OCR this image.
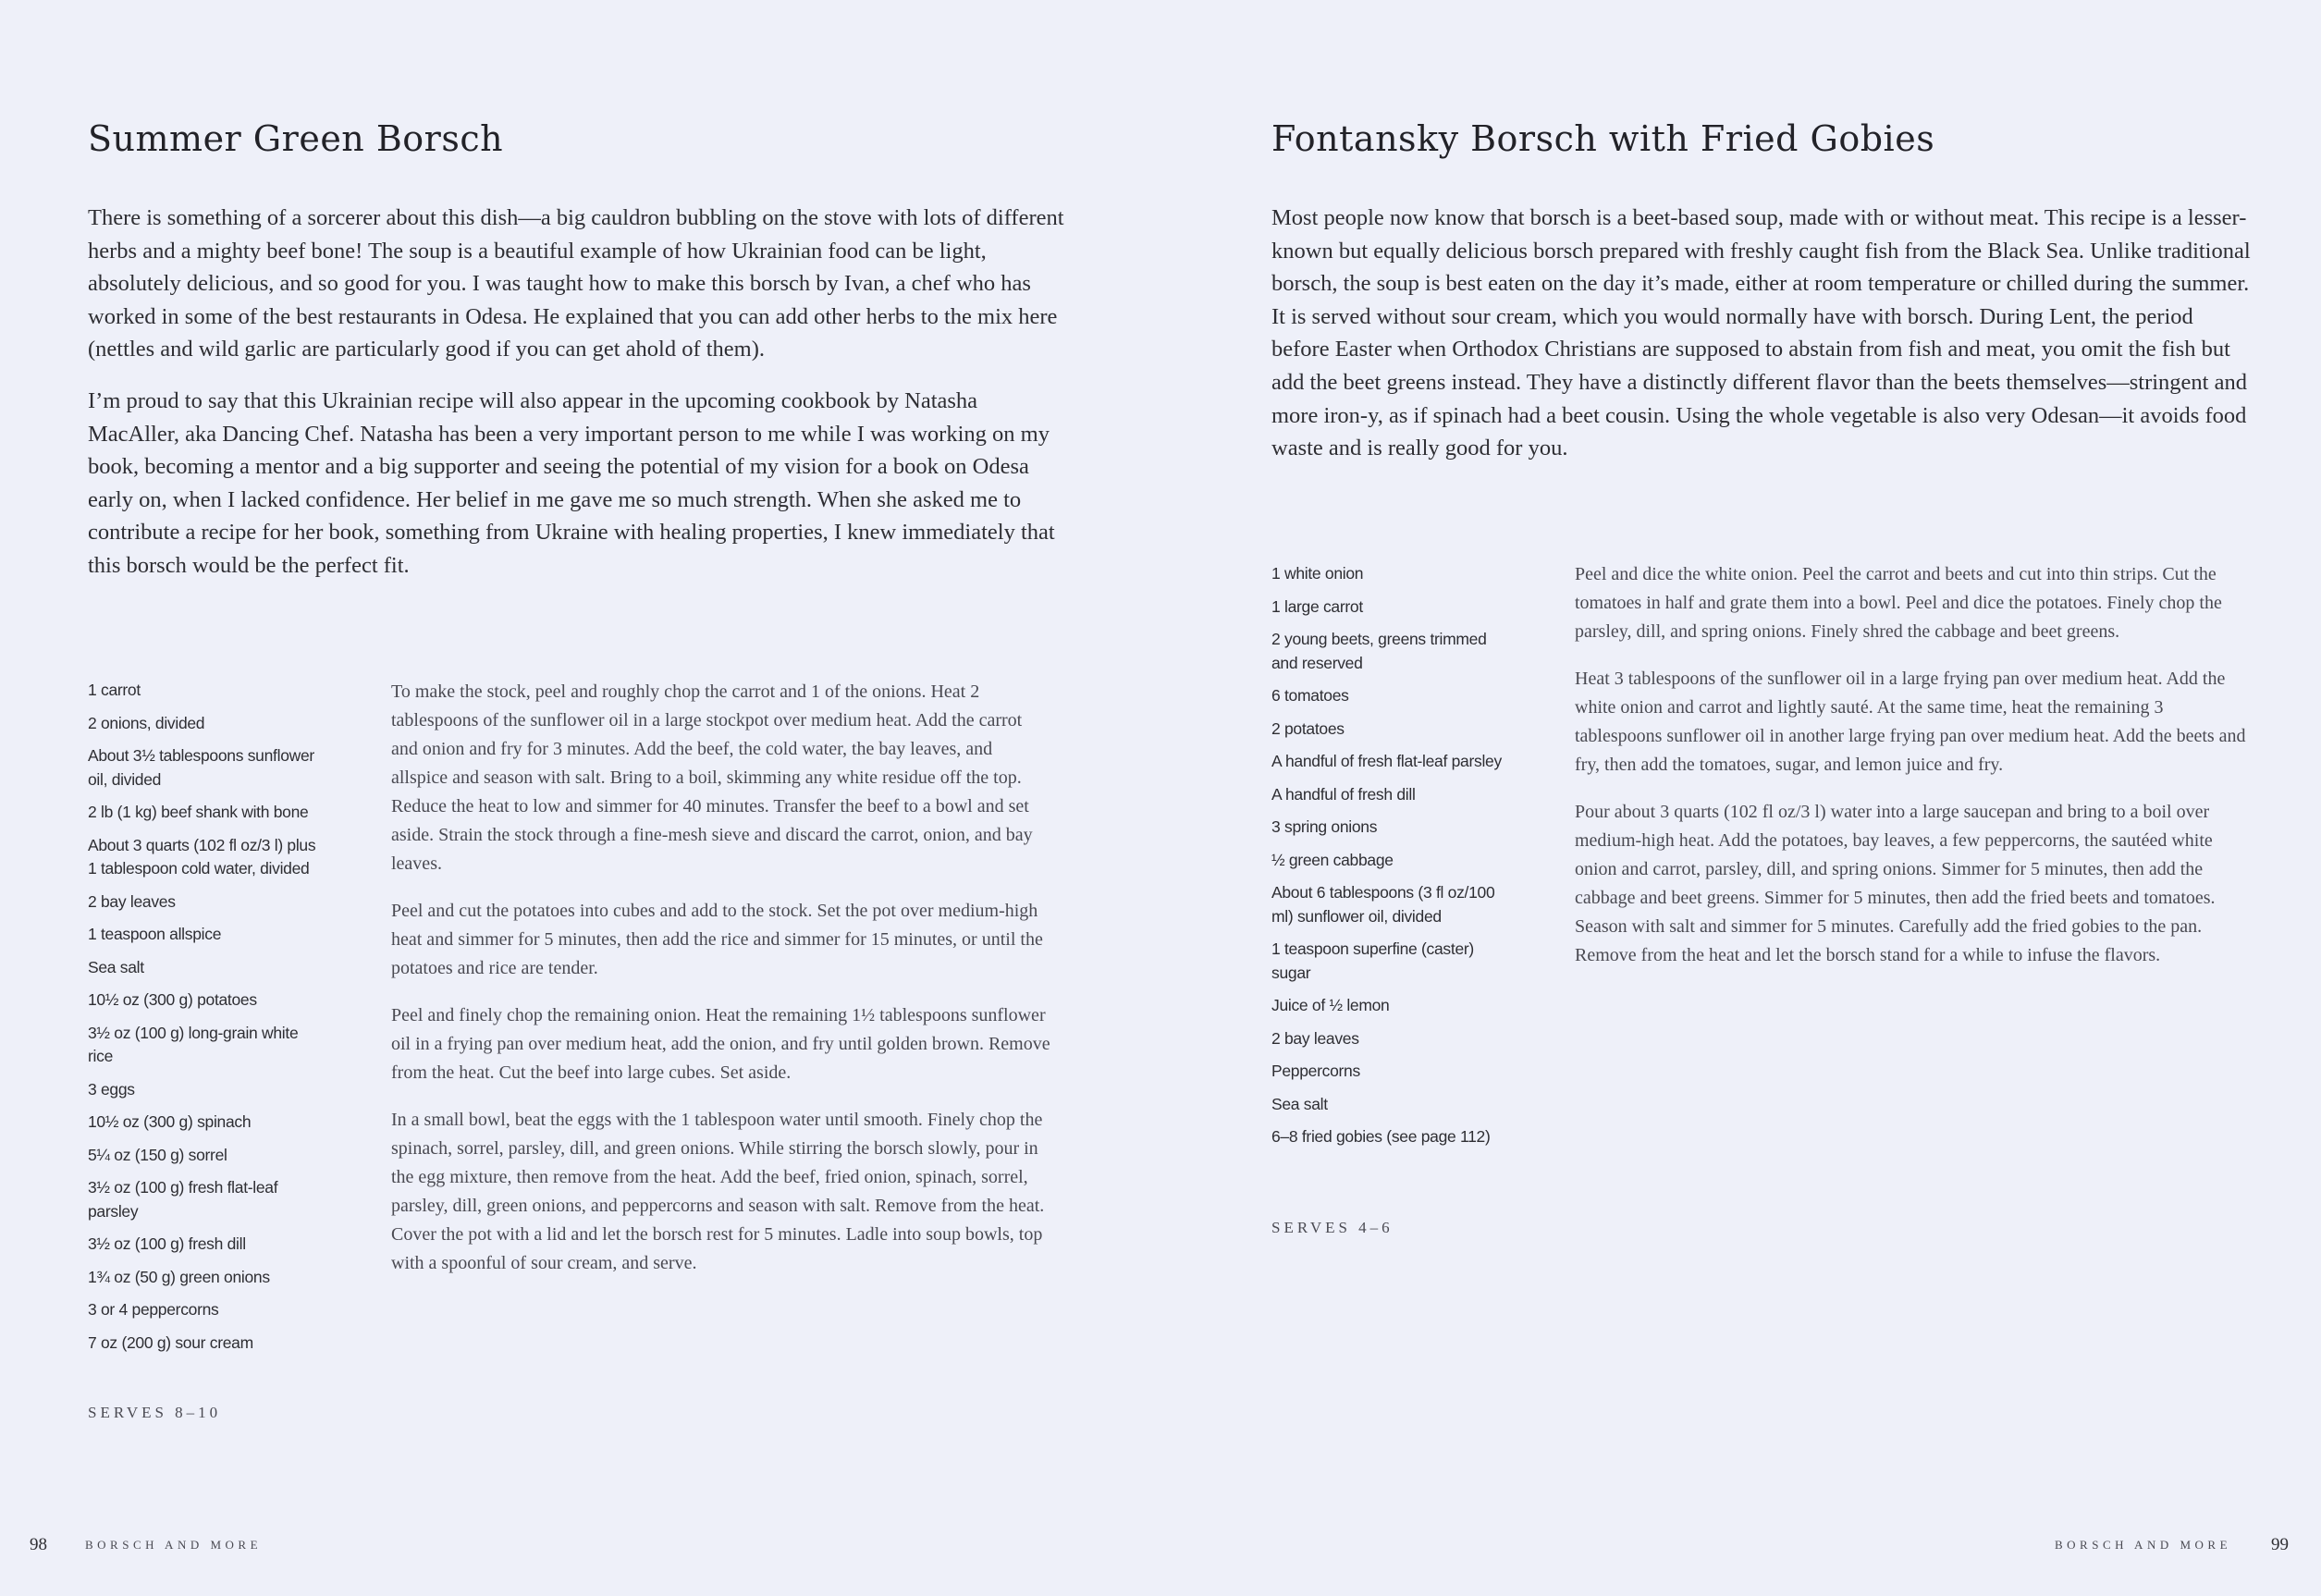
Summer Green Borsch

There is something of a sorcerer about this dish—a big cauldron bubbling on the stove with lots of different herbs and a mighty beef bone! The soup is a beautiful example of how Ukrainian food can be light, absolutely delicious, and so good for you. I was taught how to make this borsch by Ivan, a chef who has worked in some of the best restaurants in Odesa. He explained that you can add other herbs to the mix here (nettles and wild garlic are particularly good if you can get ahold of them).

I’m proud to say that this Ukrainian recipe will also appear in the upcoming cookbook by Natasha MacAller, aka Dancing Chef. Natasha has been a very important person to me while I was working on my book, becoming a mentor and a big supporter and seeing the potential of my vision for a book on Odesa early on, when I lacked confidence. Her belief in me gave me so much strength. When she asked me to contribute a recipe for her book, something from Ukraine with healing properties, I knew immediately that this borsch would be the perfect fit.

1 carrot
2 onions, divided
About 3½ tablespoons sunflower oil, divided
2 lb (1 kg) beef shank with bone
About 3 quarts (102 fl oz/3 l) plus 1 tablespoon cold water, divided
2 bay leaves
1 teaspoon allspice
Sea salt
10½ oz (300 g) potatoes
3½ oz (100 g) long-grain white rice
3 eggs
10½ oz (300 g) spinach
5¼ oz (150 g) sorrel
3½ oz (100 g) fresh flat-leaf parsley
3½ oz (100 g) fresh dill
1¾ oz (50 g) green onions
3 or 4 peppercorns
7 oz (200 g) sour cream
SERVES 8–10

To make the stock, peel and roughly chop the carrot and 1 of the onions. Heat 2 tablespoons of the sunflower oil in a large stockpot over medium heat. Add the carrot and onion and fry for 3 minutes. Add the beef, the cold water, the bay leaves, and allspice and season with salt. Bring to a boil, skimming any white residue off the top. Reduce the heat to low and simmer for 40 minutes. Transfer the beef to a bowl and set aside. Strain the stock through a fine-mesh sieve and discard the carrot, onion, and bay leaves.

Peel and cut the potatoes into cubes and add to the stock. Set the pot over medium-high heat and simmer for 5 minutes, then add the rice and simmer for 15 minutes, or until the potatoes and rice are tender.

Peel and finely chop the remaining onion. Heat the remaining 1½ tablespoons sunflower oil in a frying pan over medium heat, add the onion, and fry until golden brown. Remove from the heat. Cut the beef into large cubes. Set aside.

In a small bowl, beat the eggs with the 1 tablespoon water until smooth. Finely chop the spinach, sorrel, parsley, dill, and green onions. While stirring the borsch slowly, pour in the egg mixture, then remove from the heat. Add the beef, fried onion, spinach, sorrel, parsley, dill, green onions, and peppercorns and season with salt. Remove from the heat. Cover the pot with a lid and let the borsch rest for 5 minutes. Ladle into soup bowls, top with a spoonful of sour cream, and serve.

98	BORSCH AND MORE
Fontansky Borsch with Fried Gobies

Most people now know that borsch is a beet-based soup, made with or without meat. This recipe is a lesser-known but equally delicious borsch prepared with freshly caught fish from the Black Sea. Unlike traditional borsch, the soup is best eaten on the day it’s made, either at room temperature or chilled during the summer. It is served without sour cream, which you would normally have with borsch. During Lent, the period before Easter when Orthodox Christians are supposed to abstain from fish and meat, you omit the fish but add the beet greens instead. They have a distinctly different flavor than the beets themselves—stringent and more iron-y, as if spinach had a beet cousin. Using the whole vegetable is also very Odesan—it avoids food waste and is really good for you.

1 white onion
1 large carrot
2 young beets, greens trimmed and reserved
6 tomatoes
2 potatoes
A handful of fresh flat-leaf parsley
A handful of fresh dill
3 spring onions
½ green cabbage
About 6 tablespoons (3 fl oz/100 ml) sunflower oil, divided
1 teaspoon superfine (caster) sugar
Juice of ½ lemon
2 bay leaves
Peppercorns
Sea salt
6–8 fried gobies (see page 112)
SERVES 4–6

Peel and dice the white onion. Peel the carrot and beets and cut into thin strips. Cut the tomatoes in half and grate them into a bowl. Peel and dice the potatoes. Finely chop the parsley, dill, and spring onions. Finely shred the cabbage and beet greens.

Heat 3 tablespoons of the sunflower oil in a large frying pan over medium heat. Add the white onion and carrot and lightly sauté. At the same time, heat the remaining 3 tablespoons sunflower oil in another large frying pan over medium heat. Add the beets and fry, then add the tomatoes, sugar, and lemon juice and fry.

Pour about 3 quarts (102 fl oz/3 l) water into a large saucepan and bring to a boil over medium-high heat. Add the potatoes, bay leaves, a few peppercorns, the sautéed white onion and carrot, parsley, dill, and spring onions. Simmer for 5 minutes, then add the cabbage and beet greens. Simmer for 5 minutes, then add the fried beets and tomatoes. Season with salt and simmer for 5 minutes. Carefully add the fried gobies to the pan. Remove from the heat and let the borsch stand for a while to infuse the flavors.

BORSCH AND MORE 99
